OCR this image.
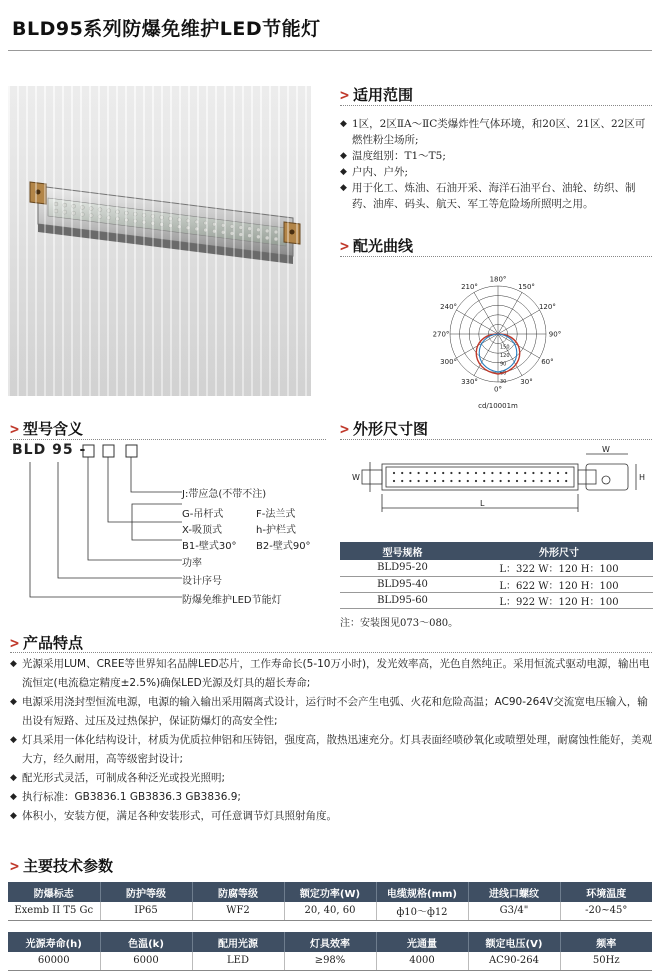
BLD95系列防爆免维护LED节能灯
> 适用范围
◆ 1区，2区ⅡA～ⅡC类爆炸性气体环境，和20区、21区、22区可燃性粉尘场所;
◆ 温度组别：T1～T5;
◆ 户内、户外;
◆ 用于化工、炼油、石油开采、海洋石油平台、油轮、纺织、制药、油库、码头、航天、军工等危险场所照明之用。
> 配光曲线
180°
150°
120°
90°
60°
30°
0°
330°
300°
270°
240°
210°
150
120
90
60
30
cd/10001m
> 型号含义
BLD 95 -
J:带应急(不带不注)
G-吊杆式	F-法兰式
X-吸顶式	h-护栏式
B1-壁式30° B2-壁式90°
功率
设计序号
防爆免维护LED节能灯
> 外形尺寸图
W
L
W
H
型号规格	外形尺寸
BLD95-20	L：322 W：120 H：100
BLD95-40	L：622 W：120 H：100
BLD95-60	L：922 W：120 H：100
注：安装图见073～080。
> 产品特点
◆ 光源采用LUM、CREE等世界知名品牌LED芯片，工作寿命长(5-10万小时)，发光效率高，光色自然纯正。采用恒流式驱动电源，输出电流恒定(电流稳定精度±2.5%)确保LED光源及灯具的超长寿命;
◆ 电源采用浇封型恒流电源，电源的输入输出采用隔离式设计，运行时不会产生电弧、火花和危险高温；AC90-264V交流宽电压输入，输出设有短路、过压及过热保护，保证防爆灯的高安全性;
◆ 灯具采用一体化结构设计，材质为优质拉伸铝和压铸铝，强度高，散热迅速充分。灯具表面经喷砂氧化或喷塑处理，耐腐蚀性能好，美观大方，经久耐用，高等级密封设计;
◆ 配光形式灵活，可制成各种泛光或投光照明;
◆ 执行标准：GB3836.1 GB3836.3 GB3836.9;
◆ 体积小，安装方便，满足各种安装形式，可任意调节灯具照射角度。
> 主要技术参数
防爆标志	防护等级	防腐等级	额定功率(W)	电缆规格(mm)	进线口螺纹	环境温度
Exemb II T5 Gc	IP65	WF2	20, 40, 60	ф10～ф12	G3/4"	-20~45°
光源寿命(h)	色温(k)	配用光源	灯具效率	光通量	额定电压(V)	频率
60000	6000	LED	≥98%	4000	AC90-264	50Hz
